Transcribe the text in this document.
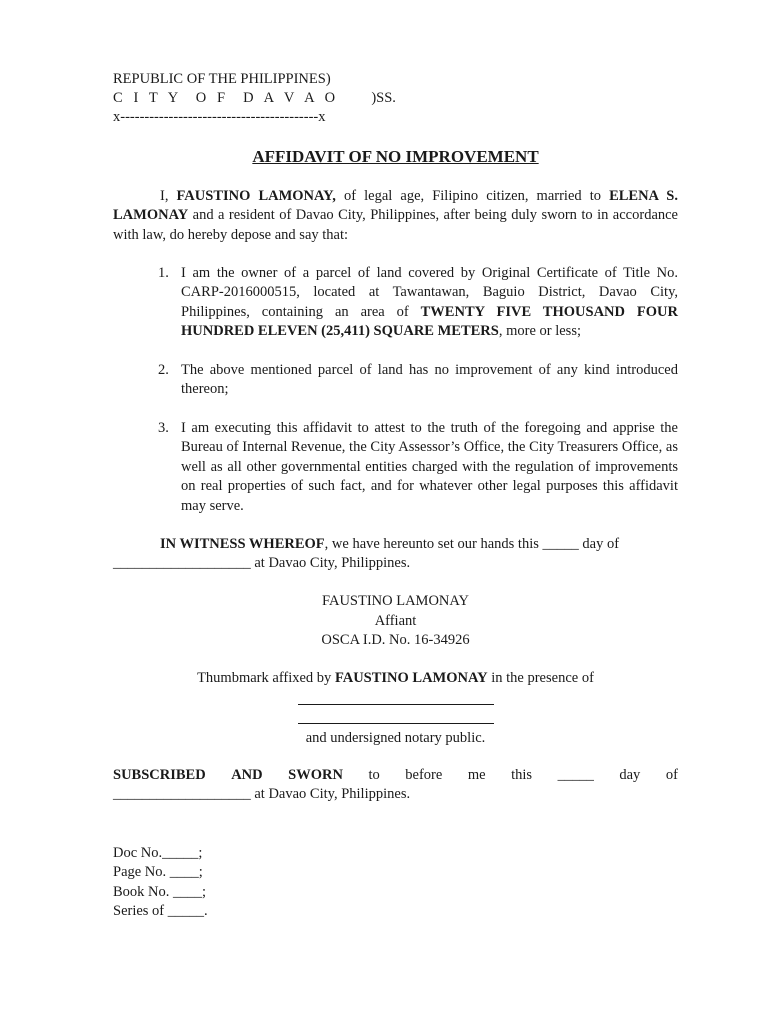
REPUBLIC OF THE PHILIPPINES)
C I T Y  O F  D A V A O )SS.
x-----------------------------------------x
AFFIDAVIT OF NO IMPROVEMENT
I, FAUSTINO LAMONAY, of legal age, Filipino citizen, married to ELENA S. LAMONAY and a resident of Davao City, Philippines, after being duly sworn to in accordance with law, do hereby depose and say that:
1. I am the owner of a parcel of land covered by Original Certificate of Title No. CARP-2016000515, located at Tawantawan, Baguio District, Davao City, Philippines, containing an area of TWENTY FIVE THOUSAND FOUR HUNDRED ELEVEN (25,411) SQUARE METERS, more or less;
2. The above mentioned parcel of land has no improvement of any kind introduced thereon;
3. I am executing this affidavit to attest to the truth of the foregoing and apprise the Bureau of Internal Revenue, the City Assessor’s Office, the City Treasurers Office, as well as all other governmental entities charged with the regulation of improvements on real properties of such fact, and for whatever other legal purposes this affidavit may serve.
IN WITNESS WHEREOF, we have hereunto set our hands this _____ day of
___________________ at Davao City, Philippines.
FAUSTINO LAMONAY
Affiant
OSCA I.D. No. 16-34926
Thumbmark affixed by FAUSTINO LAMONAY in the presence of
and undersigned notary public.
SUBSCRIBED AND SWORN to before me this _____ day of
___________________ at Davao City, Philippines.
Doc No._____;
Page No. ____;
Book No. ____;
Series of _____.
